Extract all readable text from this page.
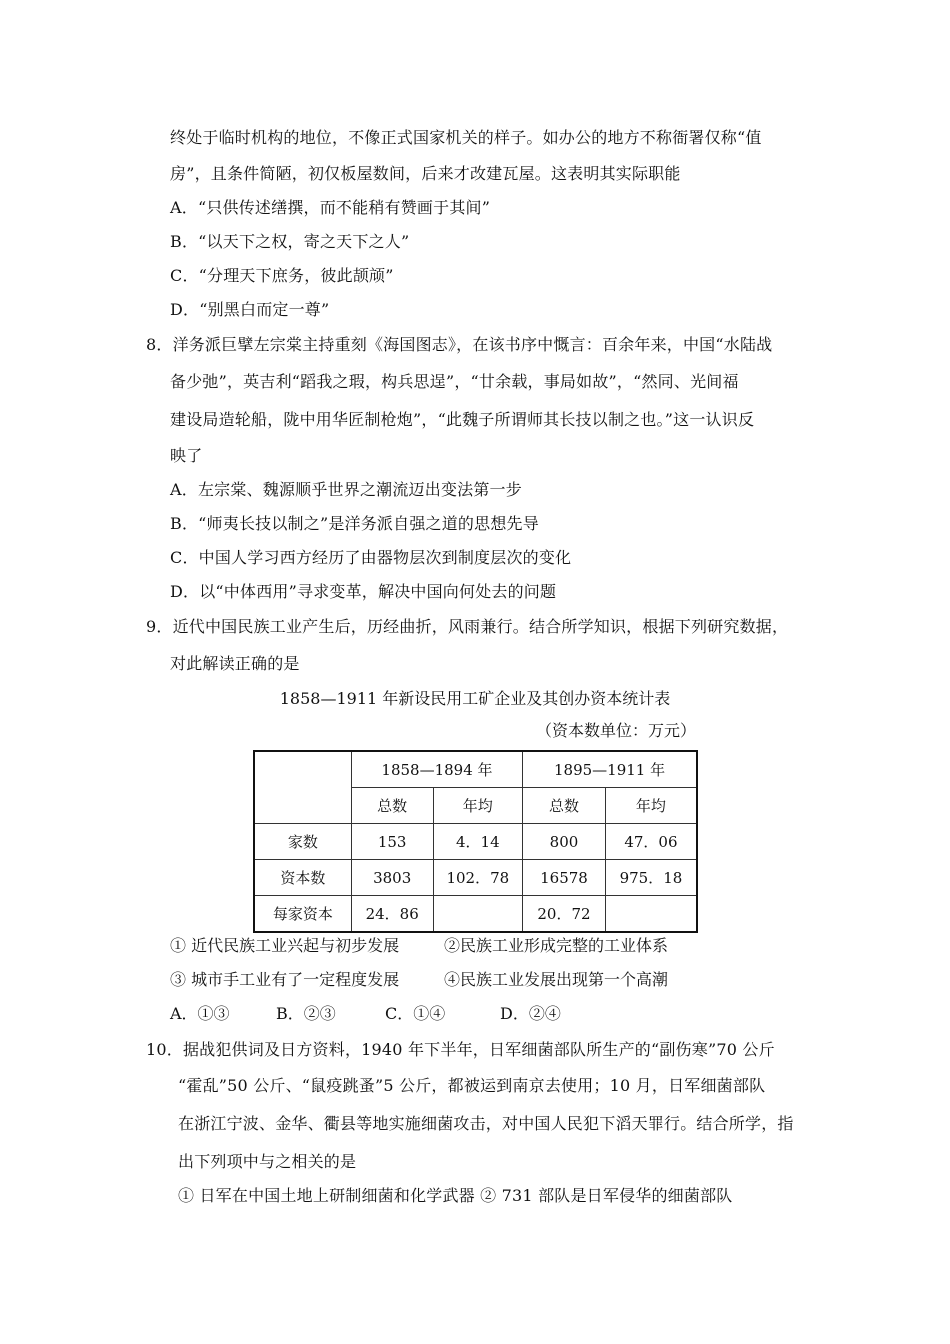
终处于临时机构的地位，不像正式国家机关的样子。如办公的地方不称衙署仅称“值
房”，且条件简陋，初仅板屋数间，后来才改建瓦屋。这表明其实际职能
A．“只供传述缮撰，而不能稍有赞画于其间”
B．“以天下之权，寄之天下之人”
C．“分理天下庶务，彼此颉颃”
D．“别黑白而定一尊”
8．洋务派巨擘左宗棠主持重刻《海国图志》，在该书序中慨言：百余年来，中国“水陆战
备少弛”，英吉利“蹈我之瑕，构兵思逞”，“廿余载，事局如故”，“然同、光间福
建设局造轮船，陇中用华匠制枪炮”，“此魏子所谓师其长技以制之也。”这一认识反
映了
A．左宗棠、魏源顺乎世界之潮流迈出变法第一步
B．“师夷长技以制之”是洋务派自强之道的思想先导
C．中国人学习西方经历了由器物层次到制度层次的变化
D．以“中体西用”寻求变革，解决中国向何处去的问题
9．近代中国民族工业产生后，历经曲折，风雨兼行。结合所学知识，根据下列研究数据，
对此解读正确的是
1858—1911 年新设民用工矿企业及其创办资本统计表
（资本数单位：万元）
	1858—1894 年		1895—1911 年	
	总数	年均	总数	年均
家数	153	4．14	800	47．06
资本数	3803	102．78	16578	975．18
每家资本	24．86		20．72	
① 近代民族工业兴起与初步发展	②民族工业形成完整的工业体系
③ 城市手工业有了一定程度发展	④民族工业发展出现第一个高潮
A．①③	B．②③	C．①④	D．②④
10．据战犯供词及日方资料，1940 年下半年，日军细菌部队所生产的“副伤寒”70 公斤
“霍乱”50 公斤、“鼠疫跳蚤”5 公斤，都被运到南京去使用；10 月，日军细菌部队
在浙江宁波、金华、衢县等地实施细菌攻击，对中国人民犯下滔天罪行。结合所学，指
出下列项中与之相关的是
① 日军在中国土地上研制细菌和化学武器 ② 731 部队是日军侵华的细菌部队
